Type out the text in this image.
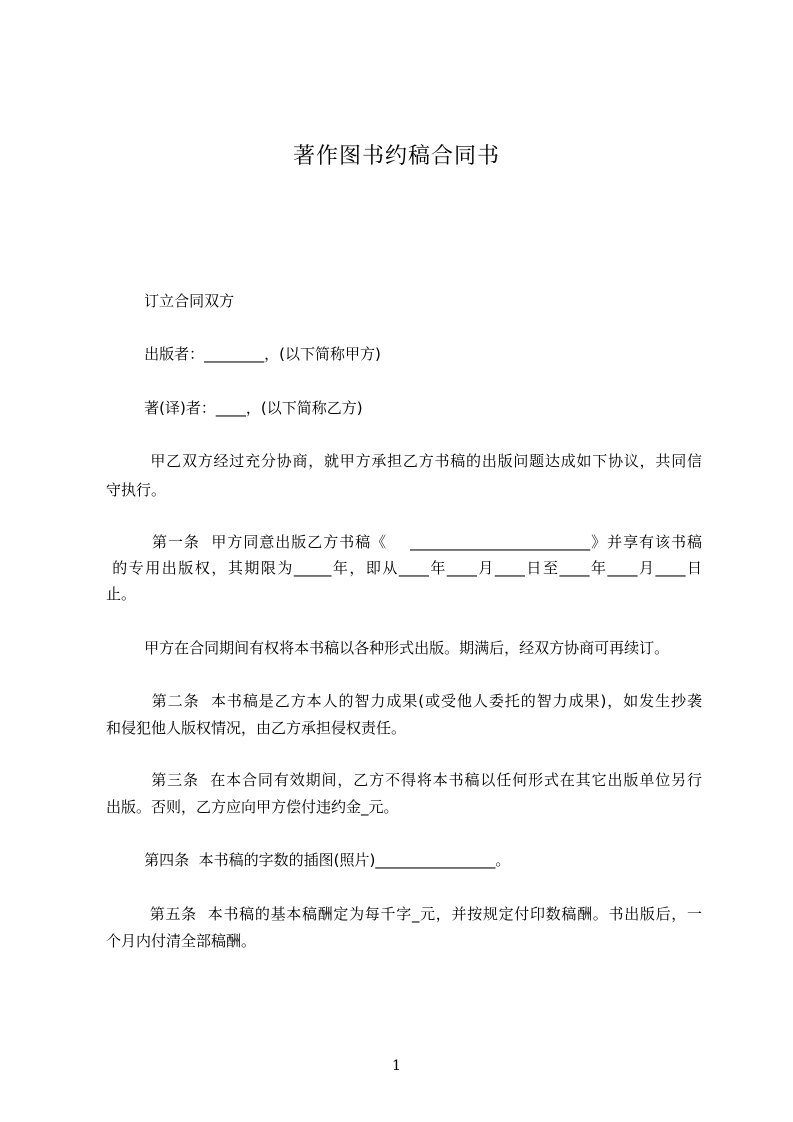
著作图书约稿合同书
订立合同双方
出版者：________，(以下简称甲方)
著(译)者：____，(以下简称乙方)
甲乙双方经过充分协商，就甲方承担乙方书稿的出版问题达成如下协议，共同信
守执行。
第一条  甲方同意出版乙方书稿《    ________________________》并享有该书稿
的专用出版权，其期限为_____年，即从____年____月____日至____年____月____日
止。
甲方在合同期间有权将本书稿以各种形式出版。期满后，经双方协商可再续订。
第二条  本书稿是乙方本人的智力成果(或受他人委托的智力成果)，如发生抄袭
和侵犯他人版权情况，由乙方承担侵权责任。
第三条  在本合同有效期间，乙方不得将本书稿以任何形式在其它出版单位另行
出版。否则，乙方应向甲方偿付违约金_元。
第四条  本书稿的字数的插图(照片)________________。
第五条  本书稿的基本稿酬定为每千字_元，并按规定付印数稿酬。书出版后，一
个月内付清全部稿酬。
1
